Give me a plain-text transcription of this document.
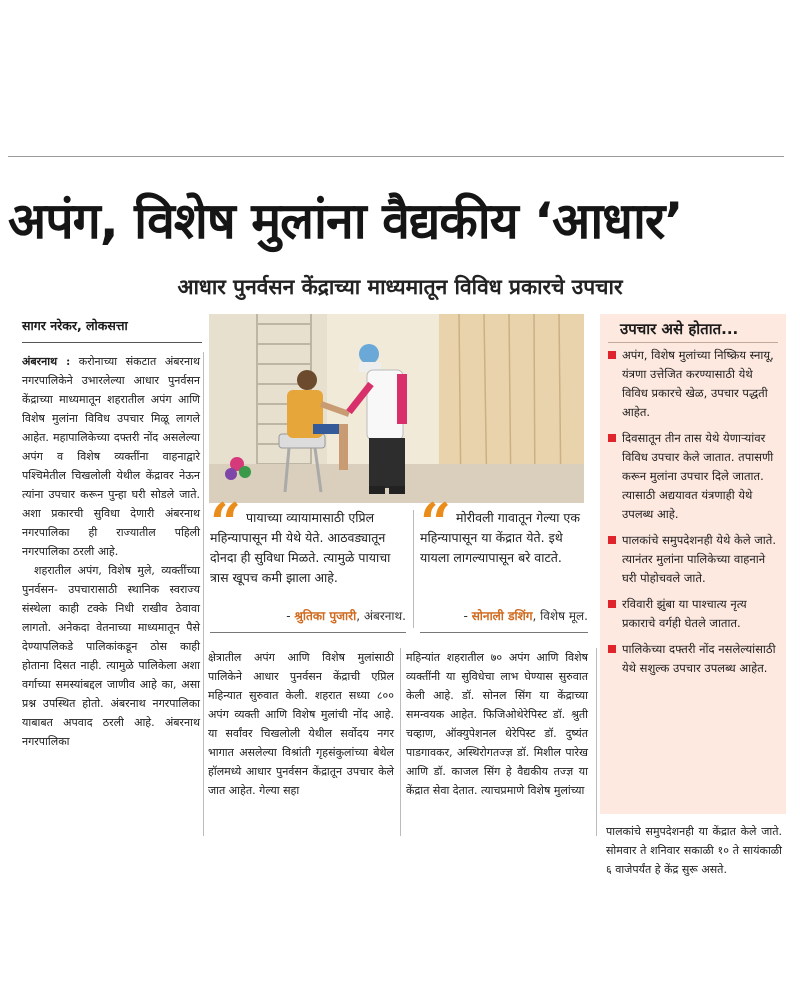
अपंग, विशेष मुलांना वैद्यकीय ‘आधार’
आधार पुनर्वसन केंद्राच्या माध्यमातून विविध प्रकारचे उपचार
सागर नरेकर, लोकसत्ता

अंबरनाथ : करोनाच्या संकटात अंबरनाथ नगरपालिकेने उभारलेल्या आधार पुनर्वसन केंद्राच्या माध्यमातून शहरातील अपंग आणि विशेष मुलांना विविध उपचार मिळू लागले आहेत. महापालिकेच्या दफ्तरी नोंद असलेल्या अपंग व विशेष व्यक्तींना वाहनाद्वारे पश्चिमेतील चिखलोली येथील केंद्रावर नेऊन त्यांना उपचार करून पुन्हा घरी सोडले जाते. अशा प्रकारची सुविधा देणारी अंबरनाथ नगरपालिका ही राज्यातील पहिली नगरपालिका ठरली आहे.

शहरातील अपंग, विशेष मुले, व्यक्तींच्या पुनर्वसन- उपचारासाठी स्थानिक स्वराज्य संस्थेला काही टक्के निधी राखीव ठेवावा लागतो. अनेकदा वेतनाच्या माध्यमातून पैसे देण्यापलिकडे पालिकांकडून ठोस काही होताना दिसत नाही. त्यामुळे पालिकेला अशा वर्गाच्या समस्यांबद्दल जाणीव आहे का, असा प्रश्न उपस्थित होतो. अंबरनाथ नगरपालिका याबाबत अपवाद ठरली आहे. अंबरनाथ नगरपालिका

“ पायाच्या व्यायामासाठी एप्रिल महिन्यापासून मी येथे येते. आठवड्यातून दोनदा ही सुविधा मिळते. त्यामुळे पायाचा त्रास खूपच कमी झाला आहे.
- श्रुतिका पुजारी, अंबरनाथ.
“ मोरीवली गावातून गेल्या एक महिन्यापासून या केंद्रात येते. इथे यायला लागल्यापासून बरे वाटते.
- सोनाली डशिंग, विशेष मूल.
क्षेत्रातील अपंग आणि विशेष मुलांसाठी पालिकेने आधार पुनर्वसन केंद्राची एप्रिल महिन्यात सुरुवात केली. शहरात सध्या ८०० अपंग व्यक्ती आणि विशेष मुलांची नोंद आहे. या सर्वांवर चिखलोली येथील सर्वोदय नगर भागात असलेल्या विश्रांती गृहसंकुलांच्या बेथेल हॉलमध्ये आधार पुनर्वसन केंद्रातून उपचार केले जात आहेत. गेल्या सहा
महिन्यांत शहरातील ७० अपंग आणि विशेष व्यक्तींनी या सुविधेचा लाभ घेण्यास सुरुवात केली आहे. डॉ. सोनल सिंग या केंद्राच्या समन्वयक आहेत. फिजिओथेरेपिस्ट डॉ. श्रुती चव्हाण, ऑक्युपेशनल थेरेपिस्ट डॉ. दुष्यंत पाडगावकर, अस्थिरोगतज्ज्ञ डॉ. मिशील पारेख आणि डॉ. काजल सिंग हे वैद्यकीय तज्ज्ञ या केंद्रात सेवा देतात. त्याचप्रमाणे विशेष मुलांच्या
उपचार असे होतात...
अपंग, विशेष मुलांच्या निष्क्रिय स्नायू, यंत्रणा उत्तेजित करण्यासाठी येथे विविध प्रकारचे खेळ, उपचार पद्धती आहेत.
दिवसातून तीन तास येथे येणाऱ्यांवर विविध उपचार केले जातात. तपासणी करून मुलांना उपचार दिले जातात. त्यासाठी अद्ययावत यंत्रणाही येथे उपलब्ध आहे.
पालकांचे समुपदेशनही येथे केले जाते. त्यानंतर मुलांना पालिकेच्या वाहनाने घरी पोहोचवले जाते.
रविवारी झुंबा या पाश्चात्य नृत्य प्रकाराचे वर्गही घेतले जातात.
पालिकेच्या दफ्तरी नोंद नसलेल्यांसाठी येथे सशुल्क उपचार उपलब्ध आहेत.
पालकांचे समुपदेशनही या केंद्रात केले जाते. सोमवार ते शनिवार सकाळी १० ते सायंकाळी ६ वाजेपर्यंत हे केंद्र सुरू असते.
